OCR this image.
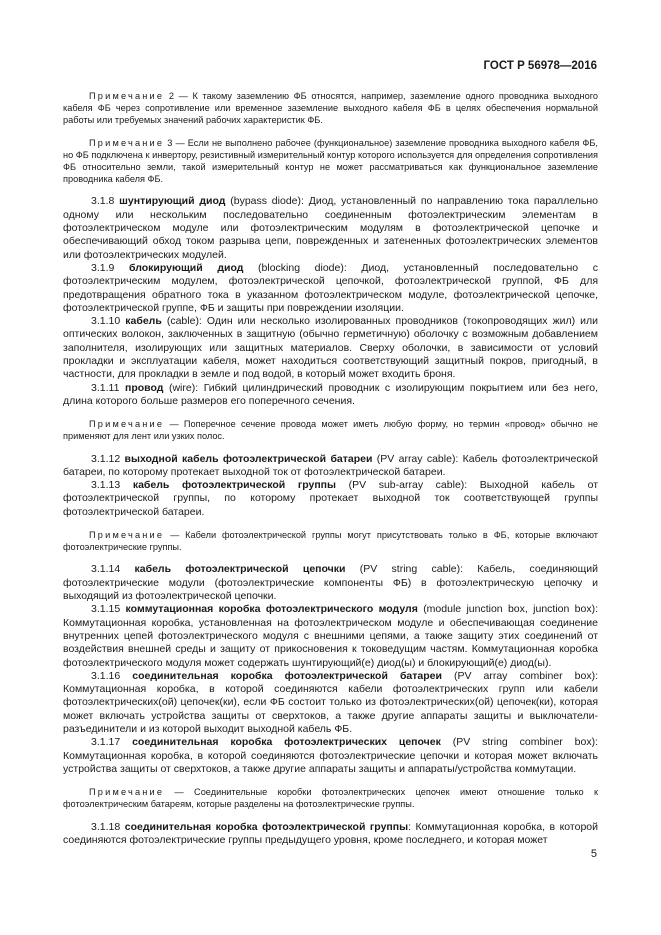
ГОСТ Р 56978—2016

Примечание 2 — К такому заземлению ФБ относятся, например, заземление одного проводника выходного кабеля ФБ через сопротивление или временное заземление выходного кабеля ФБ в целях обеспечения нормальной работы или требуемых значений рабочих характеристик ФБ.

Примечание 3 — Если не выполнено рабочее (функциональное) заземление проводника выходного кабеля ФБ, но ФБ подключена к инвертору, резистивный измерительный контур которого используется для определения сопротивления ФБ относительно земли, такой измерительный контур не может рассматриваться как функциональное заземление проводника кабеля ФБ.

3.1.8 шунтирующий диод (bypass diode): Диод, установленный по направлению тока параллельно одному или нескольким последовательно соединенным фотоэлектрическим элементам в фотоэлектрическом модуле или фотоэлектрическим модулям в фотоэлектрической цепочке и обеспечивающий обход током разрыва цепи, поврежденных и затененных фотоэлектрических элементов или фотоэлектрических модулей.

3.1.9 блокирующий диод (blocking diode): Диод, установленный последовательно с фотоэлектрическим модулем, фотоэлектрической цепочкой, фотоэлектрической группой, ФБ для предотвращения обратного тока в указанном фотоэлектрическом модуле, фотоэлектрической цепочке, фотоэлектрической группе, ФБ и защиты при повреждении изоляции.

3.1.10 кабель (cable): Один или несколько изолированных проводников (токопроводящих жил) или оптических волокон, заключенных в защитную (обычно герметичную) оболочку с возможным добавлением заполнителя, изолирующих или защитных материалов. Сверху оболочки, в зависимости от условий прокладки и эксплуатации кабеля, может находиться соответствующий защитный покров, пригодный, в частности, для прокладки в земле и под водой, в который может входить броня.

3.1.11 провод (wire): Гибкий цилиндрический проводник с изолирующим покрытием или без него, длина которого больше размеров его поперечного сечения.

Примечание — Поперечное сечение провода может иметь любую форму, но термин «провод» обычно не применяют для лент или узких полос.

3.1.12 выходной кабель фотоэлектрической батареи (PV array cable): Кабель фотоэлектрической батареи, по которому протекает выходной ток от фотоэлектрической батареи.

3.1.13 кабель фотоэлектрической группы (PV sub-array cable): Выходной кабель от фотоэлектрической группы, по которому протекает выходной ток соответствующей группы фотоэлектрической батареи.

Примечание — Кабели фотоэлектрической группы могут присутствовать только в ФБ, которые включают фотоэлектрические группы.

3.1.14 кабель фотоэлектрической цепочки (PV string cable): Кабель, соединяющий фотоэлектрические модули (фотоэлектрические компоненты ФБ) в фотоэлектрическую цепочку и выходящий из фотоэлектрической цепочки.

3.1.15 коммутационная коробка фотоэлектрического модуля (module junction box, junction box): Коммутационная коробка, установленная на фотоэлектрическом модуле и обеспечивающая соединение внутренних цепей фотоэлектрического модуля с внешними цепями, а также защиту этих соединений от воздействия внешней среды и защиту от прикосновения к токоведущим частям. Коммутационная коробка фотоэлектрического модуля может содержать шунтирующий(е) диод(ы) и блокирующий(е) диод(ы).

3.1.16 соединительная коробка фотоэлектрической батареи (PV array combiner box): Коммутационная коробка, в которой соединяются кабели фотоэлектрических групп или кабели фотоэлектрических(ой) цепочек(ки), если ФБ состоит только из фотоэлектрических(ой) цепочек(ки), которая может включать устройства защиты от сверхтоков, а также другие аппараты защиты и выключатели-разъединители и из которой выходит выходной кабель ФБ.

3.1.17 соединительная коробка фотоэлектрических цепочек (PV string combiner box): Коммутационная коробка, в которой соединяются фотоэлектрические цепочки и которая может включать устройства защиты от сверхтоков, а также другие аппараты защиты и аппараты/устройства коммутации.

Примечание — Соединительные коробки фотоэлектрических цепочек имеют отношение только к фотоэлектрическим батареям, которые разделены на фотоэлектрические группы.

3.1.18 соединительная коробка фотоэлектрической группы: Коммутационная коробка, в которой соединяются фотоэлектрические группы предыдущего уровня, кроме последнего, и которая может

5
